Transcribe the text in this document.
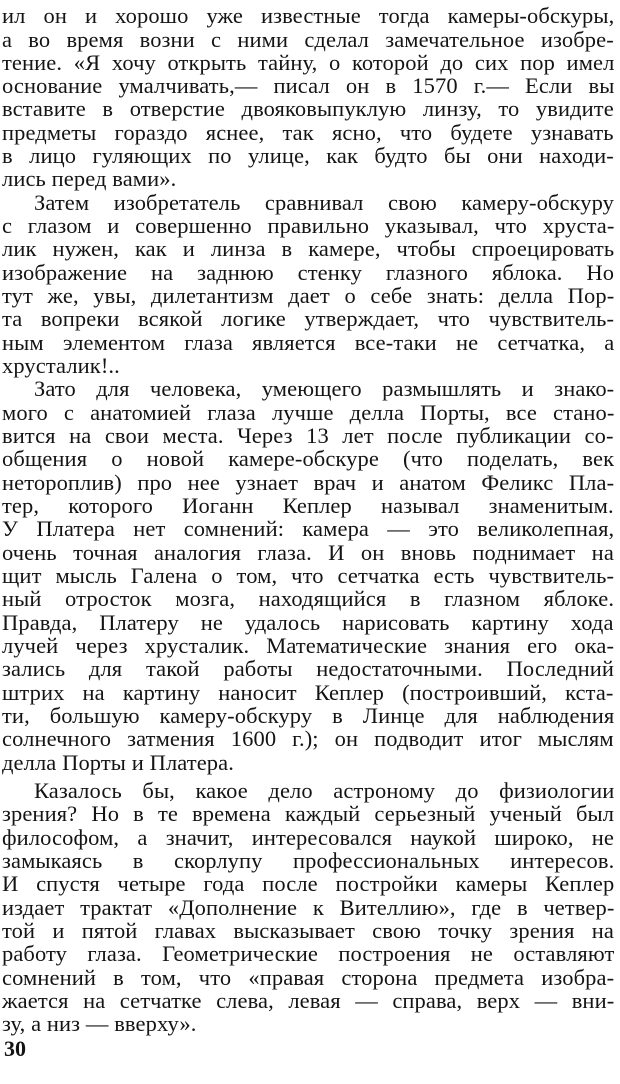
ил он и хорошо уже известные тогда камеры-обскуры,
а во время возни с ними сделал замечательное изобре-
тение. «Я хочу открыть тайну, о которой до сих пор имел
основание умалчивать,— писал он в 1570 г.— Если вы
вставите в отверстие двояковыпуклую линзу, то увидите
предметы гораздо яснее, так ясно, что будете узнавать
в лицо гуляющих по улице, как будто бы они находи-
лись перед вами».
Затем изобретатель сравнивал свою камеру-обскуру
с глазом и совершенно правильно указывал, что хруста-
лик нужен, как и линза в камере, чтобы спроецировать
изображение на заднюю стенку глазного яблока. Но
тут же, увы, дилетантизм дает о себе знать: делла Пор-
та вопреки всякой логике утверждает, что чувствитель-
ным элементом глаза является все-таки не сетчатка, а
хрусталик!..
Зато для человека, умеющего размышлять и знако-
мого с анатомией глаза лучше делла Порты, все стано-
вится на свои места. Через 13 лет после публикации со-
общения о новой камере-обскуре (что поделать, век
нетороплив) про нее узнает врач и анатом Феликс Пла-
тер, которого Иоганн Кеплер называл знаменитым.
У Платера нет сомнений: камера — это великолепная,
очень точная аналогия глаза. И он вновь поднимает на
щит мысль Галена о том, что сетчатка есть чувствитель-
ный отросток мозга, находящийся в глазном яблоке.
Правда, Платеру не удалось нарисовать картину хода
лучей через хрусталик. Математические знания его ока-
зались для такой работы недостаточными. Последний
штрих на картину наносит Кеплер (построивший, кста-
ти, большую камеру-обскуру в Линце для наблюдения
солнечного затмения 1600 г.); он подводит итог мыслям
делла Порты и Платера.
Казалось бы, какое дело астроному до физиологии
зрения? Но в те времена каждый серьезный ученый был
философом, а значит, интересовался наукой широко, не
замыкаясь в скорлупу профессиональных интересов.
И спустя четыре года после постройки камеры Кеплер
издает трактат «Дополнение к Вителлию», где в четвер-
той и пятой главах высказывает свою точку зрения на
работу глаза. Геометрические построения не оставляют
сомнений в том, что «правая сторона предмета изобра-
жается на сетчатке слева, левая — справа, верх — вни-
зу, а низ — вверху».
30
